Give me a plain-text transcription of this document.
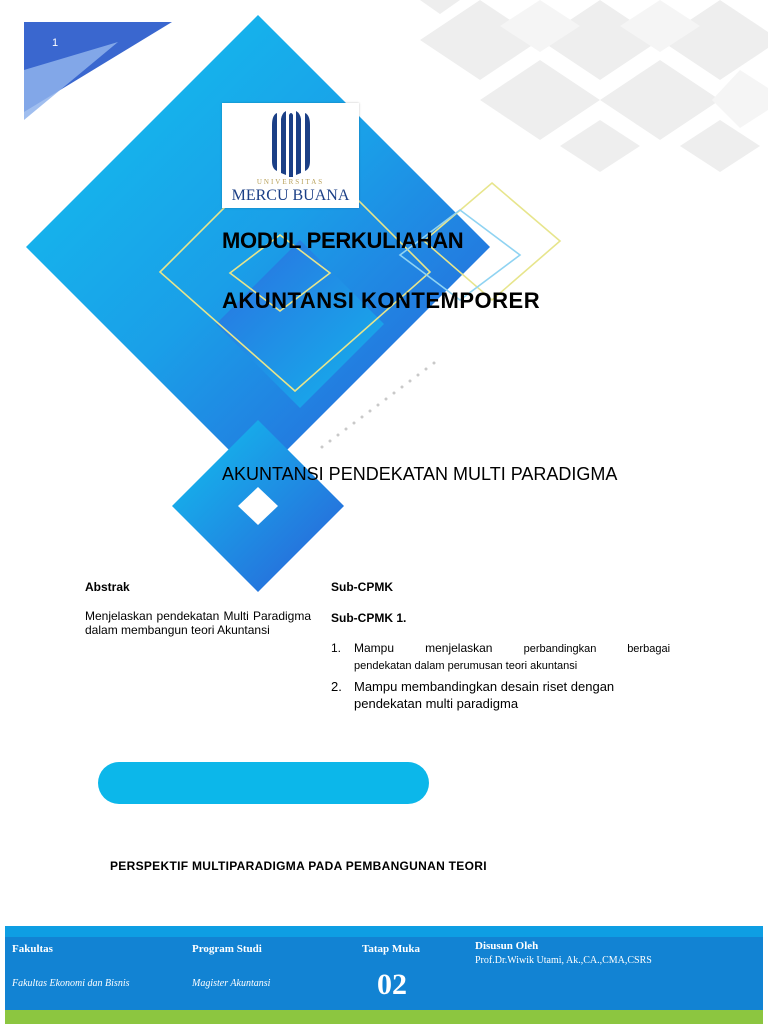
1
UNIVERSITAS
MERCU BUANA
MODUL PERKULIAHAN
AKUNTANSI KONTEMPORER
AKUNTANSI PENDEKATAN MULTI PARADIGMA
Abstrak
Menjelaskan pendekatan Multi Paradigma dalam membangun teori Akuntansi
Sub-CPMK
Sub-CPMK 1.
1. Mampu menjelaskan	perbandingkan berbagai
pendekatan dalam perumusan teori akuntansi
2. Mampu membandingkan desain riset dengan
pendekatan multi paradigma
PERSPEKTIF MULTIPARADIGMA PADA PEMBANGUNAN TEORI
Fakultas
Fakultas Ekonomi dan Bisnis
Program Studi
Magister Akuntansi
Tatap Muka
02
Disusun Oleh
Prof.Dr.Wiwik Utami, Ak.,CA.,CMA,CSRS
